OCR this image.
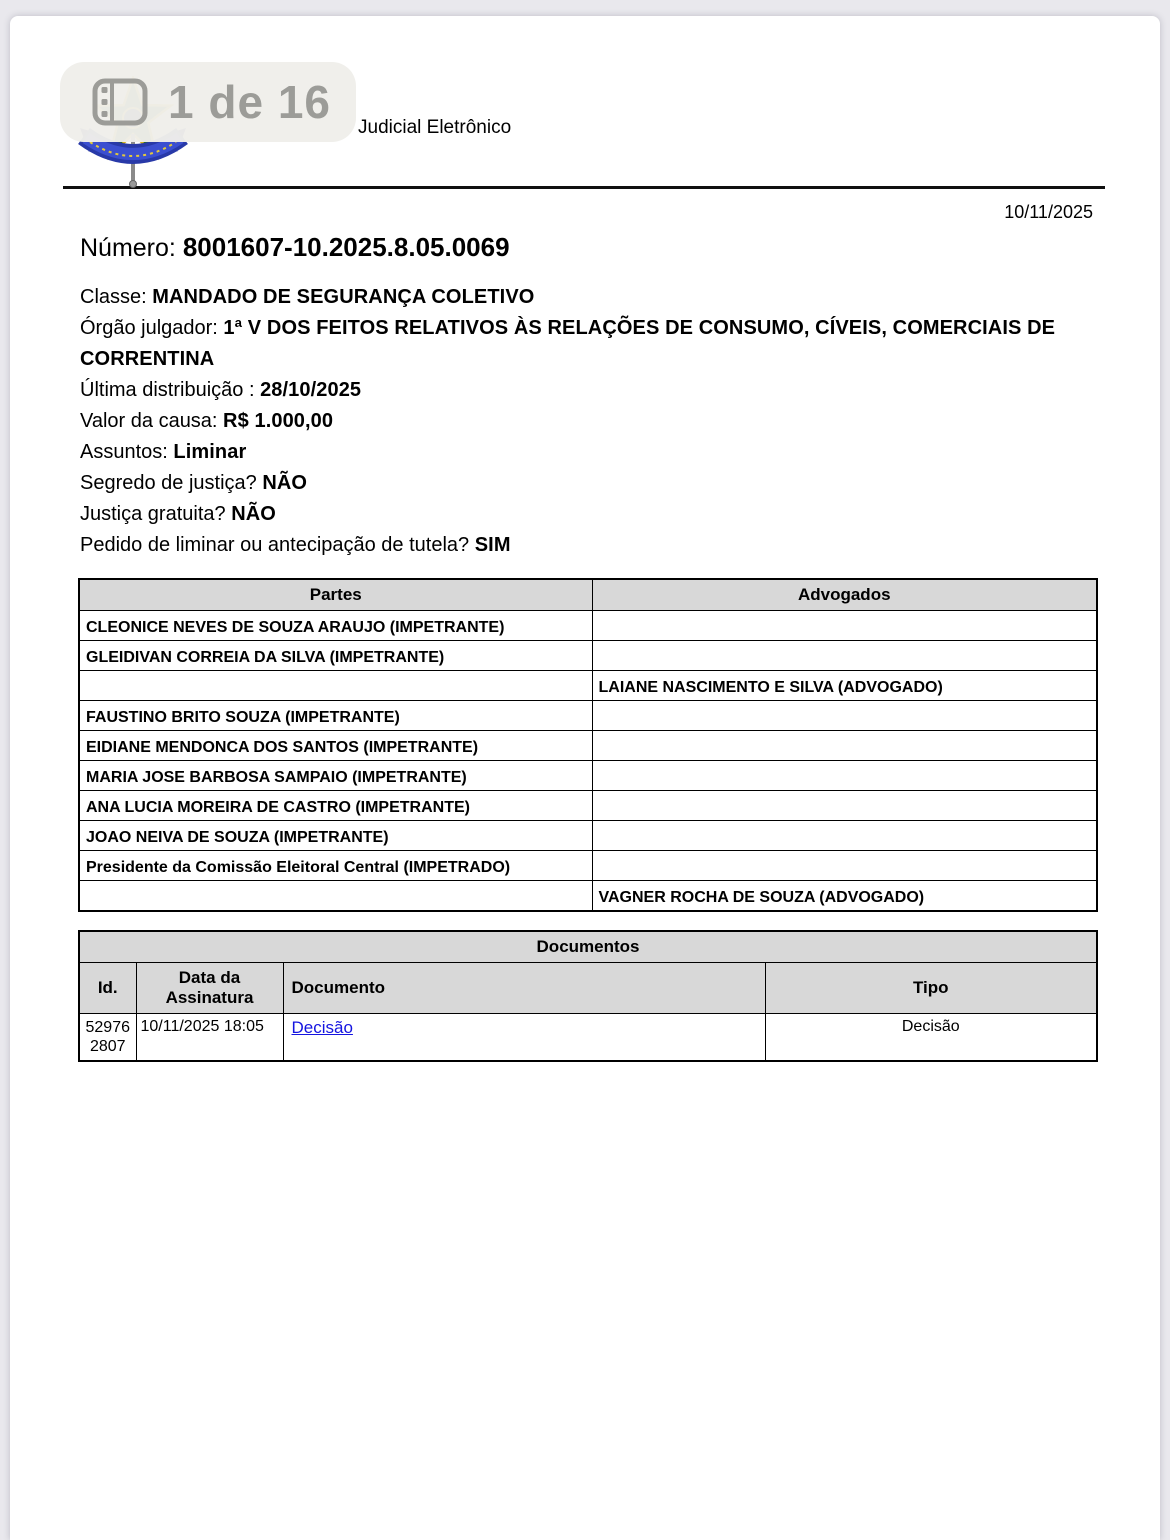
1 de 16 Judicial Eletrônico
10/11/2025
Número: 8001607-10.2025.8.05.0069
Classe: MANDADO DE SEGURANÇA COLETIVO
Órgão julgador: 1ª V DOS FEITOS RELATIVOS ÀS RELAÇÕES DE CONSUMO, CÍVEIS, COMERCIAIS DE CORRENTINA
Última distribuição : 28/10/2025
Valor da causa: R$ 1.000,00
Assuntos: Liminar
Segredo de justiça? NÃO
Justiça gratuita? NÃO
Pedido de liminar ou antecipação de tutela? SIM
Partes	Advogados
CLEONICE NEVES DE SOUZA ARAUJO (IMPETRANTE)	
GLEIDIVAN CORREIA DA SILVA (IMPETRANTE)	
	LAIANE NASCIMENTO E SILVA (ADVOGADO)
FAUSTINO BRITO SOUZA (IMPETRANTE)	
EIDIANE MENDONCA DOS SANTOS (IMPETRANTE)	
MARIA JOSE BARBOSA SAMPAIO (IMPETRANTE)	
ANA LUCIA MOREIRA DE CASTRO (IMPETRANTE)	
JOAO NEIVA DE SOUZA (IMPETRANTE)	
Presidente da Comissão Eleitoral Central (IMPETRADO)	
	VAGNER ROCHA DE SOUZA (ADVOGADO)
Documentos			
Id.	Data da Assinatura	Documento	Tipo
529762807	10/11/2025 18:05	Decisão	Decisão
